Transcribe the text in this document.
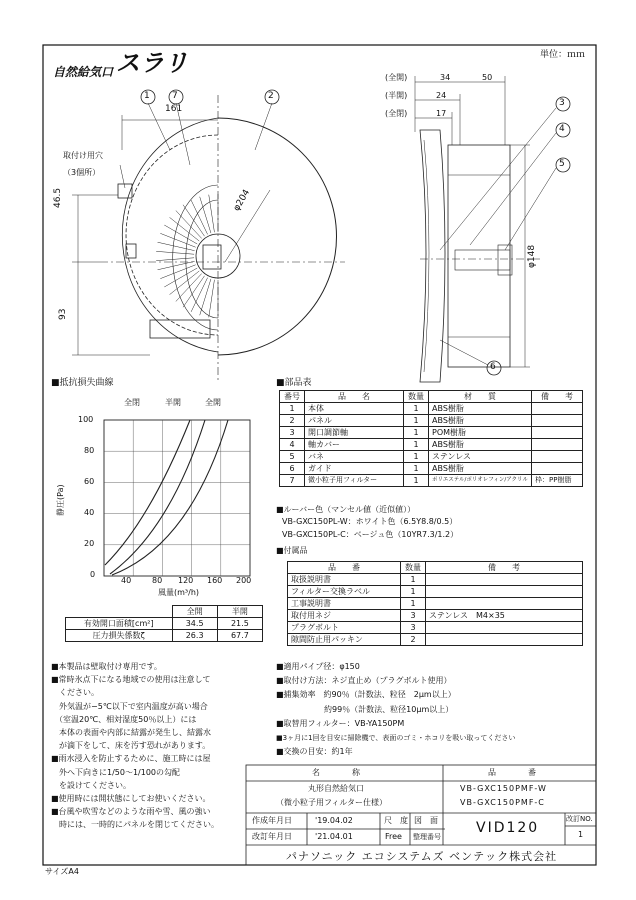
自然給気口 スラリ	単位：ｍｍ
1 7	2
3
4
5
6
161
46.5
93
φ204
φ148
取付け用穴
（3個所）
(全開)	34	50
(半開)	24
(全閉)	17
■抵抗損失曲線
全閉	半開	全開
100
80
60
40
20
0
40	80 120 160 200
静圧(Pa)
風量(m³/h)
	全開	半開
有効開口面積[cm²]	34.5	21.5
圧力損失係数ζ	26.3	67.7
■部品表
番号	品　　名	数量	材　　質	備　　考
1	本体	1	ABS樹脂	
2	パネル	1	ABS樹脂	
3	開口調節軸	1	POM樹脂	
4	軸カバー	1	ABS樹脂	
5	バネ	1	ステンレス	
6	ガイド	1	ABS樹脂	
7	微小粒子用フィルター	1	ポリエステル/ポリオレフィン/アクリル	枠：PP樹脂
■ルーバー色（マンセル値（近似値））
VB-GXC150PL-W：ホワイト色（6.5Y8.8/0.5）
VB-GXC150PL-C：ベージュ色（10YR7.3/1.2）
■付属品
品　　番	数量	備　　考
取扱説明書	1	
フィルター交換ラベル	1	
工事説明書	1	
取付用ネジ	3	ステンレス　M4×35
プラグボルト	3	
隙間防止用パッキン	2	
■本製品は壁取付け専用です。
■常時氷点下になる地域での使用は注意して
　ください。
　外気温が−5℃以下で室内温度が高い場合
　（室温20℃、相対湿度50％以上）には
　本体の表面や内部に結露が発生し、結露水
　が滴下をして、床を汚す恐れがあります。
■雨水浸入を防止するために、施工時には屋
　外へ下向きに1/50〜1/100の勾配
　を設けてください。
■使用時には開状態にしてお使いください。
■台風や吹雪などのような雨や雪、風の強い
　時には、一時的にパネルを閉じてください。
■適用パイプ径：φ150
■取付け方法：ネジ直止め（プラグボルト使用）
■捕集効率　約90％（計数法、粒径　2μm以上）
　　　　　　約99％（計数法、粒径10μm以上）
■取替用フィルター：VB-YA150PM
■3ヶ月に1回を目安に掃除機で、表面のゴミ・ホコリを吸い取ってください
■交換の目安：約1年
名　　　　称	品　　　　番
丸形自然給気口
（微小粒子用フィルター仕様）
VB-GXC150PMF-W
VB-GXC150PMF-C
作成年月日	'19.04.02
改訂年月日	'21.04.01
尺　度
Free
図　面
整理番号
VID120
改訂NO.
1
パナソニック エコシステムズ ベンテック株式会社
サイズA4
